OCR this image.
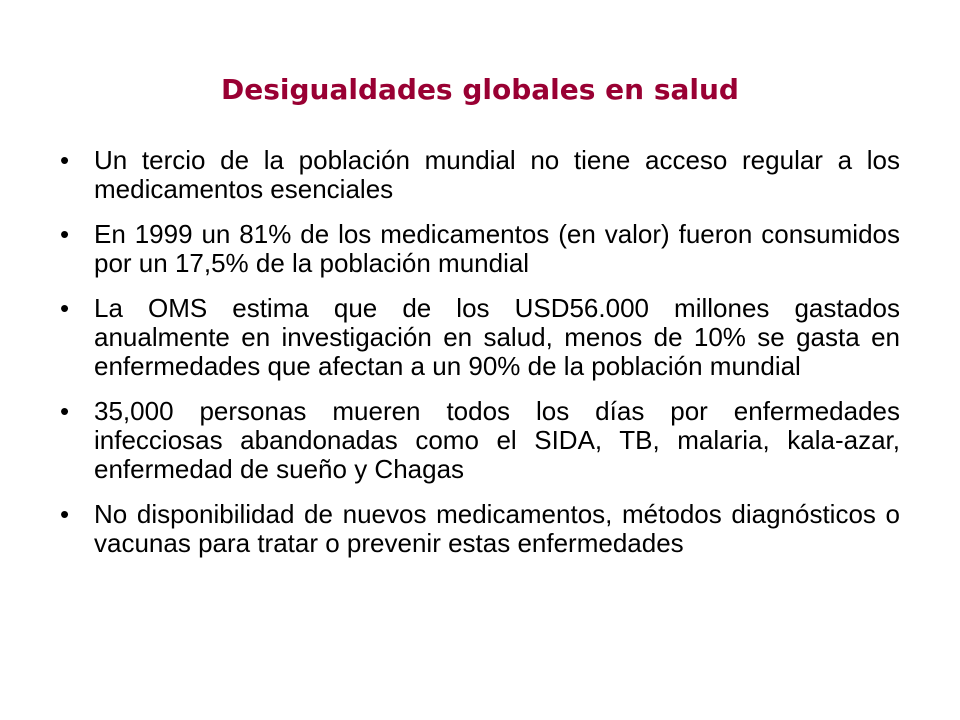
Desigualdades globales en salud
• Un tercio de la población mundial no tiene acceso regular a los medicamentos esenciales
• En 1999 un 81% de los medicamentos (en valor) fueron consumidos por un 17,5% de la población mundial
• La OMS estima que de los USD56.000 millones gastados anualmente en investigación en salud, menos de 10% se gasta en enfermedades que afectan a un 90% de la población mundial
• 35,000 personas mueren todos los días por enfermedades infecciosas abandonadas como el SIDA, TB, malaria, kala-azar, enfermedad de sueño y Chagas
• No disponibilidad de nuevos medicamentos, métodos diagnósticos o vacunas para tratar o prevenir estas enfermedades
